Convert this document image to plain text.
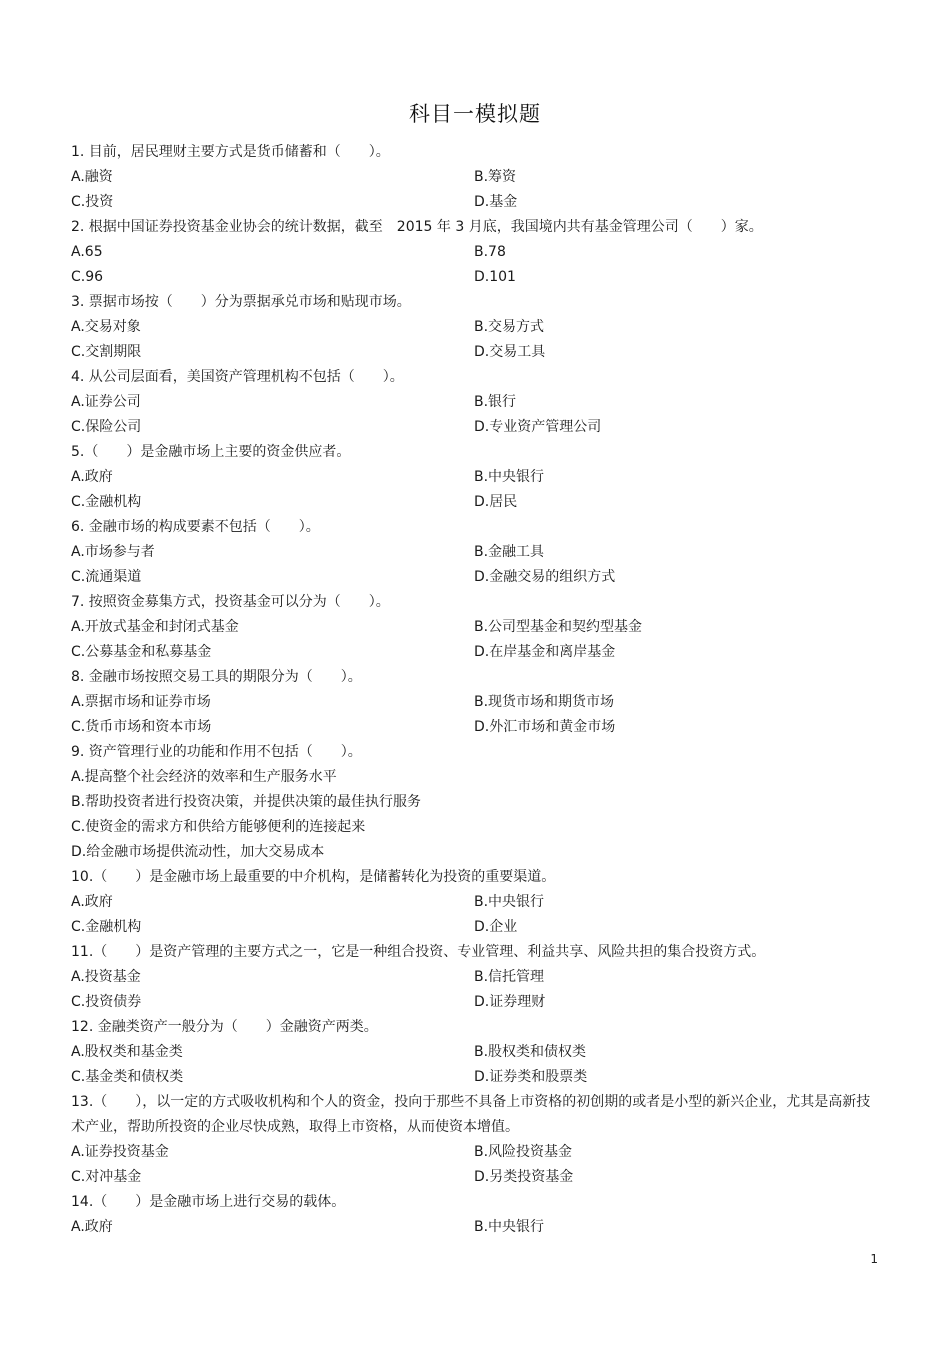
科目一模拟题
1. 目前，居民理财主要方式是货币储蓄和（　　）。
A.融资	B.筹资
C.投资	D.基金
2. 根据中国证券投资基金业协会的统计数据，截至　2015 年 3 月底，我国境内共有基金管理公司（　　）家。
A.65	B.78
C.96	D.101
3. 票据市场按（　　）分为票据承兑市场和贴现市场。
A.交易对象	B.交易方式
C.交割期限	D.交易工具
4. 从公司层面看，美国资产管理机构不包括（　　）。
A.证券公司	B.银行
C.保险公司	D.专业资产管理公司
5.（　　）是金融市场上主要的资金供应者。
A.政府	B.中央银行
C.金融机构	D.居民
6. 金融市场的构成要素不包括（　　）。
A.市场参与者	B.金融工具
C.流通渠道	D.金融交易的组织方式
7. 按照资金募集方式，投资基金可以分为（　　）。
A.开放式基金和封闭式基金	B.公司型基金和契约型基金
C.公募基金和私募基金	D.在岸基金和离岸基金
8. 金融市场按照交易工具的期限分为（　　）。
A.票据市场和证券市场	B.现货市场和期货市场
C.货币市场和资本市场	D.外汇市场和黄金市场
9. 资产管理行业的功能和作用不包括（　　）。
A.提高整个社会经济的效率和生产服务水平
B.帮助投资者进行投资决策，并提供决策的最佳执行服务
C.使资金的需求方和供给方能够便利的连接起来
D.给金融市场提供流动性，加大交易成本
10.（　　）是金融市场上最重要的中介机构，是储蓄转化为投资的重要渠道。
A.政府	B.中央银行
C.金融机构	D.企业
11.（　　）是资产管理的主要方式之一，它是一种组合投资、专业管理、利益共享、风险共担的集合投资方式。
A.投资基金	B.信托管理
C.投资债券	D.证券理财
12. 金融类资产一般分为（　　）金融资产两类。
A.股权类和基金类	B.股权类和债权类
C.基金类和债权类	D.证券类和股票类
13.（　　），以一定的方式吸收机构和个人的资金，投向于那些不具备上市资格的初创期的或者是小型的新兴企业，尤其是高新技术产业，帮助所投资的企业尽快成熟，取得上市资格，从而使资本增值。
A.证券投资基金	B.风险投资基金
C.对冲基金	D.另类投资基金
14.（　　）是金融市场上进行交易的载体。
A.政府	B.中央银行
1
